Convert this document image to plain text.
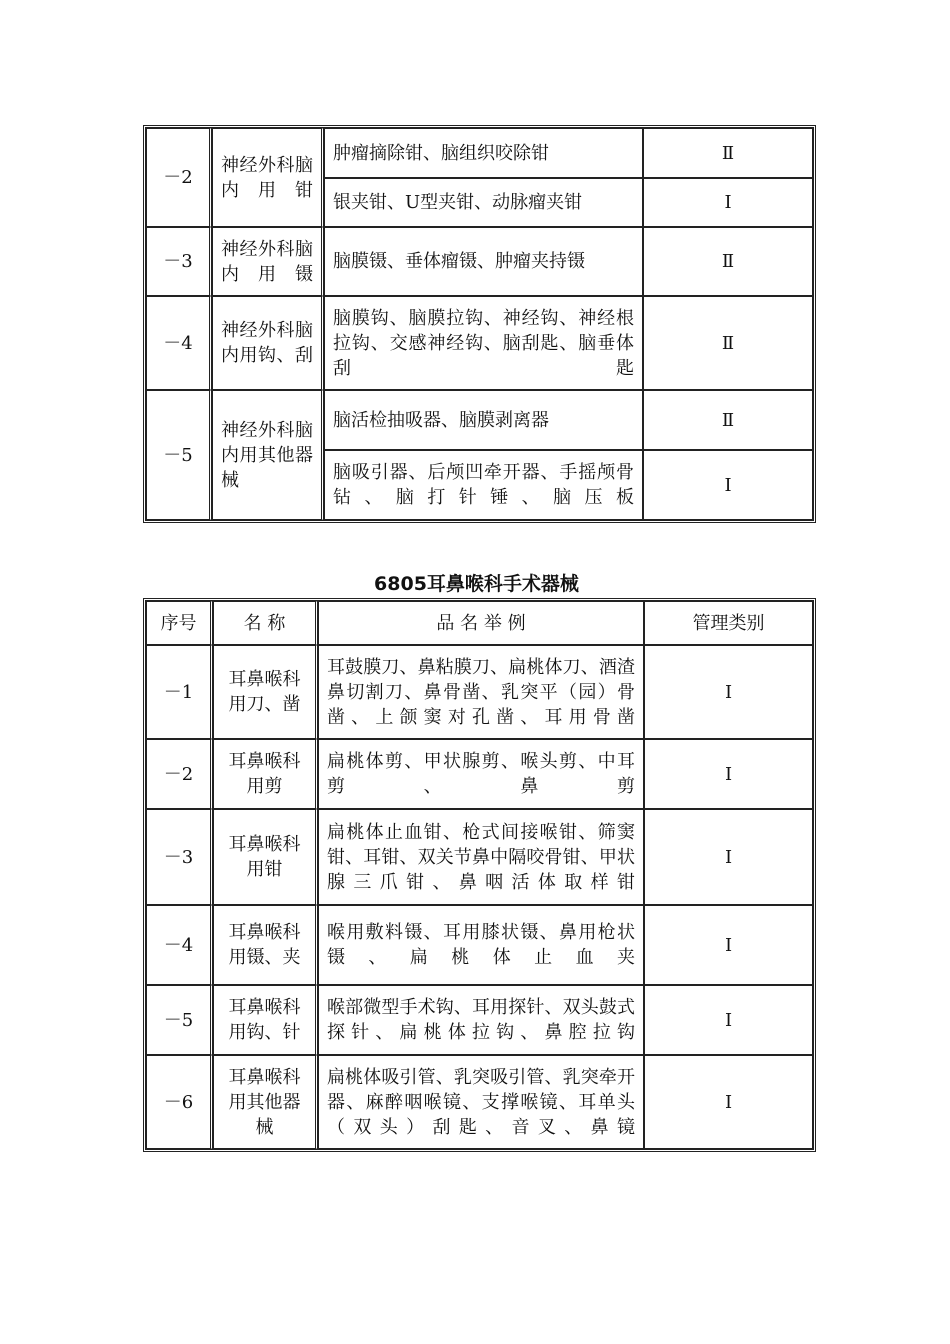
－2	神经外科脑内用钳	肿瘤摘除钳、脑组织咬除钳	Ⅱ
		银夹钳、U型夹钳、动脉瘤夹钳	Ⅰ
－3	神经外科脑内用镊	脑膜镊、垂体瘤镊、肿瘤夹持镊	Ⅱ
－4	神经外科脑内用钩、刮	脑膜钩、脑膜拉钩、神经钩、神经根拉钩、交感神经钩、脑刮匙、脑垂体刮匙	Ⅱ
－5	神经外科脑内用其他器械	脑活检抽吸器、脑膜剥离器	Ⅱ
		脑吸引器、后颅凹牵开器、手摇颅骨钻、脑打针锤、脑压板	Ⅰ
6805耳鼻喉科手术器械
序号	名 称	品 名 举 例	管理类别
－1	耳鼻喉科用刀、凿	耳鼓膜刀、鼻粘膜刀、扁桃体刀、酒渣鼻切割刀、鼻骨凿、乳突平（园）骨凿、上颌窦对孔凿、耳用骨凿	Ⅰ
－2	耳鼻喉科用剪	扁桃体剪、甲状腺剪、喉头剪、中耳剪、鼻剪	Ⅰ
－3	耳鼻喉科用钳	扁桃体止血钳、枪式间接喉钳、筛窦钳、耳钳、双关节鼻中隔咬骨钳、甲状腺三爪钳、鼻咽活体取样钳	Ⅰ
－4	耳鼻喉科用镊、夹	喉用敷料镊、耳用膝状镊、鼻用枪状镊、扁桃体止血夹	Ⅰ
－5	耳鼻喉科用钩、针	喉部微型手术钩、耳用探针、双头鼓式探针、扁桃体拉钩、鼻腔拉钩	Ⅰ
－6	耳鼻喉科用其他器械	扁桃体吸引管、乳突吸引管、乳突牵开器、麻醉咽喉镜、支撑喉镜、耳单头（双头）刮匙、音叉、鼻镜	Ⅰ
